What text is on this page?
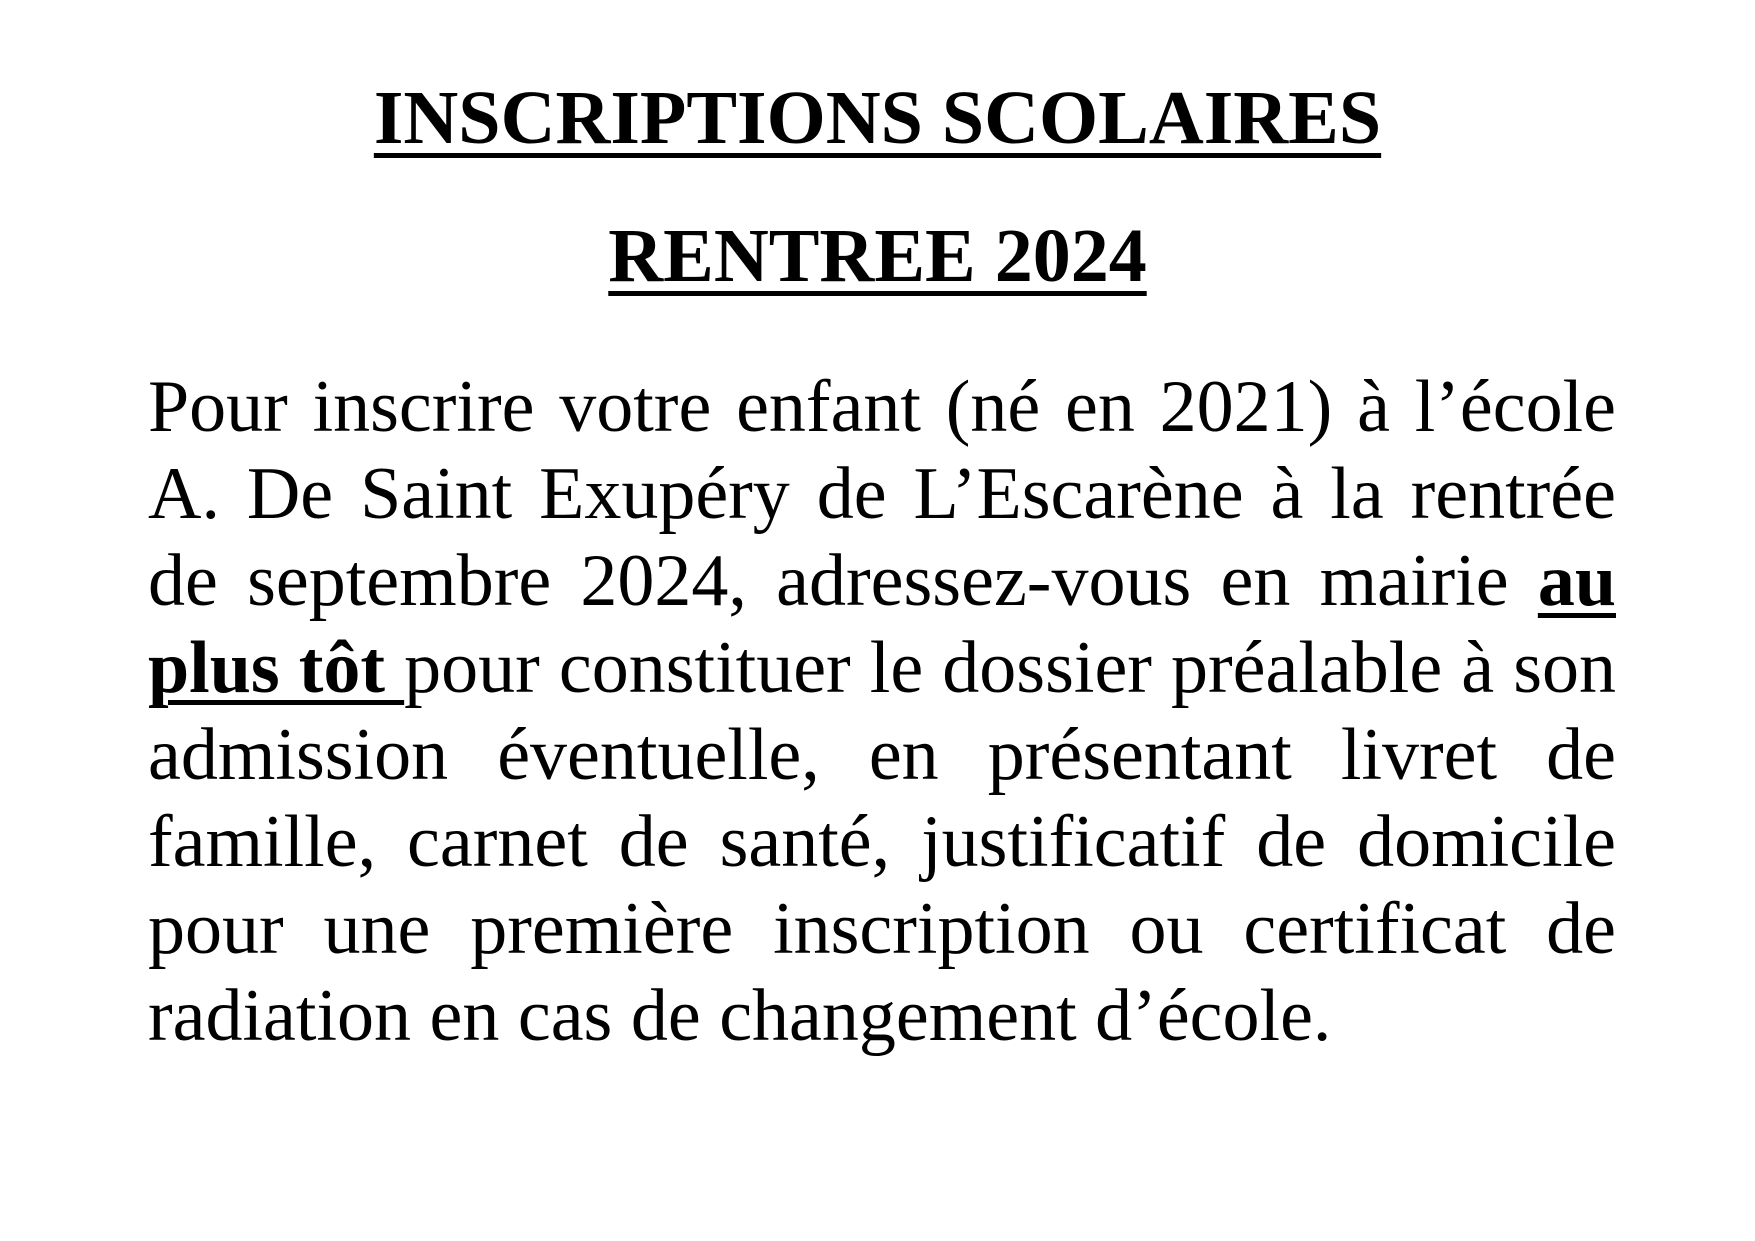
INSCRIPTIONS SCOLAIRES
RENTREE 2024

Pour inscrire votre enfant (né en 2021) à l’école A. De Saint Exupéry de L’Escarène à la rentrée de septembre 2024, adressez-vous en mairie au plus tôt pour constituer le dossier préalable à son admission éventuelle, en présentant livret de famille, carnet de santé, justificatif de domicile pour une première inscription ou certificat de radiation en cas de changement d’école.
